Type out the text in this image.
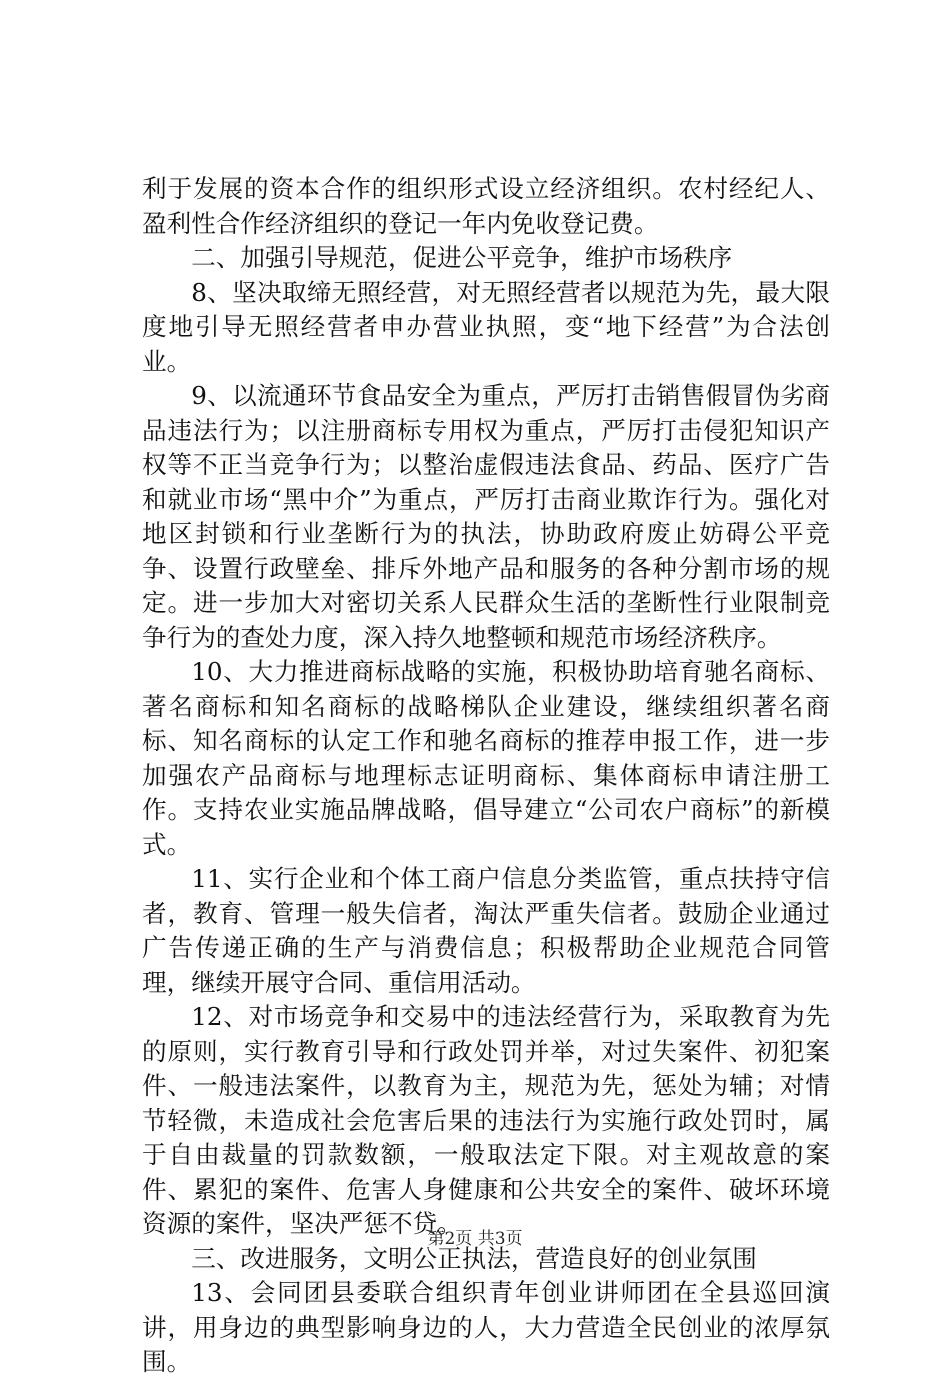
利于发展的资本合作的组织形式设立经济组织。农村经纪人、盈利性合作经济组织的登记一年内免收登记费。

二、加强引导规范，促进公平竞争，维护市场秩序

8、坚决取缔无照经营，对无照经营者以规范为先，最大限度地引导无照经营者申办营业执照，变“地下经营”为合法创业。

9、以流通环节食品安全为重点，严厉打击销售假冒伪劣商品违法行为；以注册商标专用权为重点，严厉打击侵犯知识产权等不正当竞争行为；以整治虚假违法食品、药品、医疗广告和就业市场“黑中介”为重点，严厉打击商业欺诈行为。强化对地区封锁和行业垄断行为的执法，协助政府废止妨碍公平竞争、设置行政壁垒、排斥外地产品和服务的各种分割市场的规定。进一步加大对密切关系人民群众生活的垄断性行业限制竞争行为的查处力度，深入持久地整顿和规范市场经济秩序。

10、大力推进商标战略的实施，积极协助培育驰名商标、著名商标和知名商标的战略梯队企业建设，继续组织著名商标、知名商标的认定工作和驰名商标的推荐申报工作，进一步加强农产品商标与地理标志证明商标、集体商标申请注册工作。支持农业实施品牌战略，倡导建立“公司农户商标”的新模式。

11、实行企业和个体工商户信息分类监管，重点扶持守信者，教育、管理一般失信者，淘汰严重失信者。鼓励企业通过广告传递正确的生产与消费信息；积极帮助企业规范合同管理，继续开展守合同、重信用活动。

12、对市场竞争和交易中的违法经营行为，采取教育为先的原则，实行教育引导和行政处罚并举，对过失案件、初犯案件、一般违法案件，以教育为主，规范为先，惩处为辅；对情节轻微，未造成社会危害后果的违法行为实施行政处罚时，属于自由裁量的罚款数额，一般取法定下限。对主观故意的案件、累犯的案件、危害人身健康和公共安全的案件、破坏环境资源的案件，坚决严惩不贷。

三、改进服务，文明公正执法，营造良好的创业氛围

13、会同团县委联合组织青年创业讲师团在全县巡回演讲，用身边的典型影响身边的人，大力营造全民创业的浓厚氛围。

第2页 共3页
